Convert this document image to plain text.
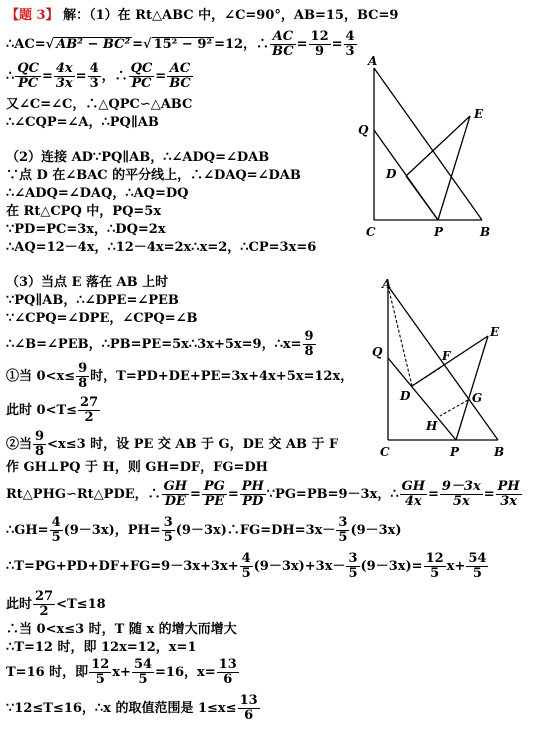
【题 3】 解：（1）在 Rt△ABC 中，∠C=90°，AB=15，BC=9
∴AC=√ AB² − BC² =√ 15² − 9² =12，∴ $\frac{AC}{BC} = \frac{12}{9} = \frac{4}{3}$
∴ $\frac{QC}{PC} = \frac{4x}{3x} = \frac{4}{3}$ ，∴ $\frac{QC}{PC} = \frac{AC}{BC}$
又∠C=∠C，∴△QPC∽△ABC
∴∠CQP=∠A，∴PQ∥AB
（2）连接 AD∵PQ∥AB，∴∠ADQ=∠DAB
∵点 D 在∠BAC 的平分线上，∴∠DAQ=∠DAB
∴∠ADQ=∠DAQ，∴AQ=DQ
在 Rt△CPQ 中，PQ=5x
∵PD=PC=3x，∴DQ=2x
∴AQ=12－4x，∴12－4x=2x∴x=2，∴CP=3x=6
（3）当点 E 落在 AB 上时
∵PQ∥AB，∴∠DPE=∠PEB
∵∠CPQ=∠DPE，∠CPQ=∠B
∴∠B=∠PEB，∴PB=PE=5x∴3x+5x=9，∴x= $\frac{9}{8}$
①当 $0<x\le \frac{9}{8}$ 时，T=PD+DE+PE=3x+4x+5x=12x，
此时 $0<T\le \frac{27}{2}$
②当 $\frac{9}{8} <x\le 3$ 时，设 PE 交 AB 于 G，DE 交 AB 于 F
作 GH⊥PQ 于 H，则 GH=DF，FG=DH
Rt△PHG∽Rt△PDE，∴ $\frac{GH}{DE} = \frac{PG}{PE} = \frac{PH}{PD}$ ∵PG=PB=9－3x，∴ $\frac{GH}{4x} = \frac{9-3x}{5x} = \frac{PH}{3x}$
∴GH= $\frac{4}{5} (9-3x)$，$PH= \frac{3}{5}$ (9－3x)∴FG=DH=3x－ $\frac{3}{5} (9-3x)$
∴T=PG+PD+DF+FG=9－3x+3x+ $\frac{4}{5} (9-3x)+3x- \frac{3}{5} (9-3x)= \frac{12}{5} x+ \frac{54}{5}$
此时 $\frac{27}{2} <T\le 18$
∴当 0<x≤3 时，T 随 x 的增大而增大
∴T=12 时，即 12x=12，x=1
T=16 时，即 $\frac{12}{5} x+ \frac{54}{5} =16$，$x= \frac{13}{6}$
∵12≤T≤16，∴x 的取值范围是 $1\le x\le \frac{13}{6}$
A
Q
E
D
C	P	B
A
Q
E
F
D	G
H
C	P	B
